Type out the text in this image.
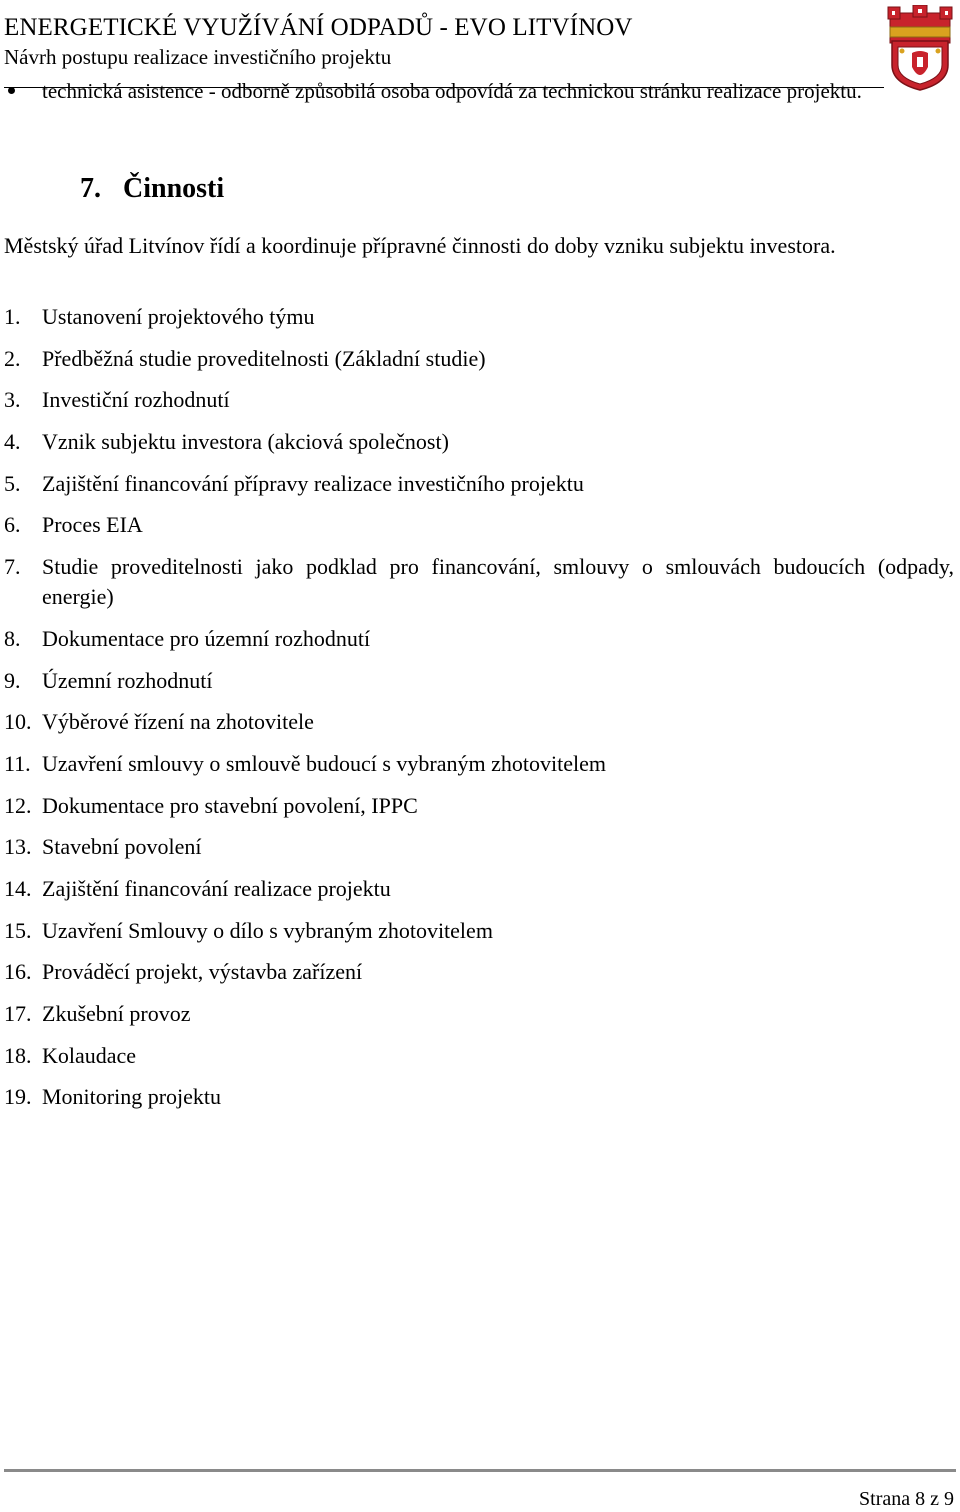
ENERGETICKÉ VYUŽÍVÁNÍ ODPADŮ - EVO LITVÍNOV
Návrh postupu realizace investičního projektu
technická asistence - odborně způsobilá osoba odpovídá za technickou stránku realizace projektu.
7. Činnosti
Městský úřad Litvínov řídí a koordinuje přípravné činnosti do doby vzniku subjektu investora.
1. Ustanovení projektového týmu
2. Předběžná studie proveditelnosti (Základní studie)
3. Investiční rozhodnutí
4. Vznik subjektu investora (akciová společnost)
5. Zajištění financování přípravy realizace investičního projektu
6. Proces EIA
7. Studie proveditelnosti jako podklad pro financování, smlouvy o smlouvách budoucích (odpady, energie)
8. Dokumentace pro územní rozhodnutí
9. Územní rozhodnutí
10. Výběrové řízení na zhotovitele
11. Uzavření smlouvy o smlouvě budoucí s vybraným zhotovitelem
12. Dokumentace pro stavební povolení, IPPC
13. Stavební povolení
14. Zajištění financování realizace projektu
15. Uzavření Smlouvy o dílo s vybraným zhotovitelem
16. Prováděcí projekt, výstavba zařízení
17. Zkušební provoz
18. Kolaudace
19. Monitoring projektu
Strana 8 z 9
